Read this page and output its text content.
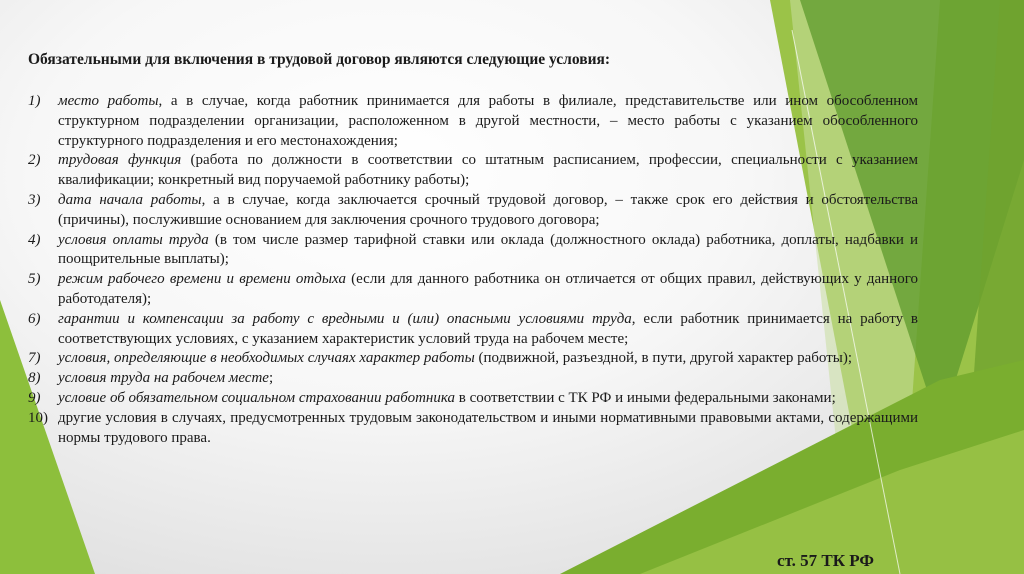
Обязательными для включения в трудовой договор являются следующие условия:
1)	место работы, а в случае, когда работник принимается для работы в филиале, представительстве или ином обособленном структурном подразделении организации, расположенном в другой местности, – место работы с указанием обособленного структурного подразделения и его местонахождения;
2)	трудовая функция (работа по должности в соответствии со штатным расписанием, профессии, специальности с указанием квалификации; конкретный вид поручаемой работнику работы);
3)	дата начала работы, а в случае, когда заключается срочный трудовой договор, – также срок его действия и обстоятельства (причины), послужившие основанием для заключения срочного трудового договора;
4)	условия оплаты труда (в том числе размер тарифной ставки или оклада (должностного оклада) работника, доплаты, надбавки и поощрительные выплаты);
5)	режим рабочего времени и времени отдыха (если для данного работника он отличается от общих правил, действующих у данного работодателя);
6)	гарантии и компенсации за работу с вредными и (или) опасными условиями труда, если работник принимается на работу в соответствующих условиях, с указанием характеристик условий труда на рабочем месте;
7)	условия, определяющие в необходимых случаях характер работы (подвижной, разъездной, в пути, другой характер работы);
8)	условия труда на рабочем месте;
9)	условие об обязательном социальном страховании работника в соответствии с ТК РФ и иными федеральными законами;
10) другие условия в случаях, предусмотренных трудовым законодательством и иными нормативными правовыми актами, содержащими нормы трудового права.
ст. 57 ТК РФ
